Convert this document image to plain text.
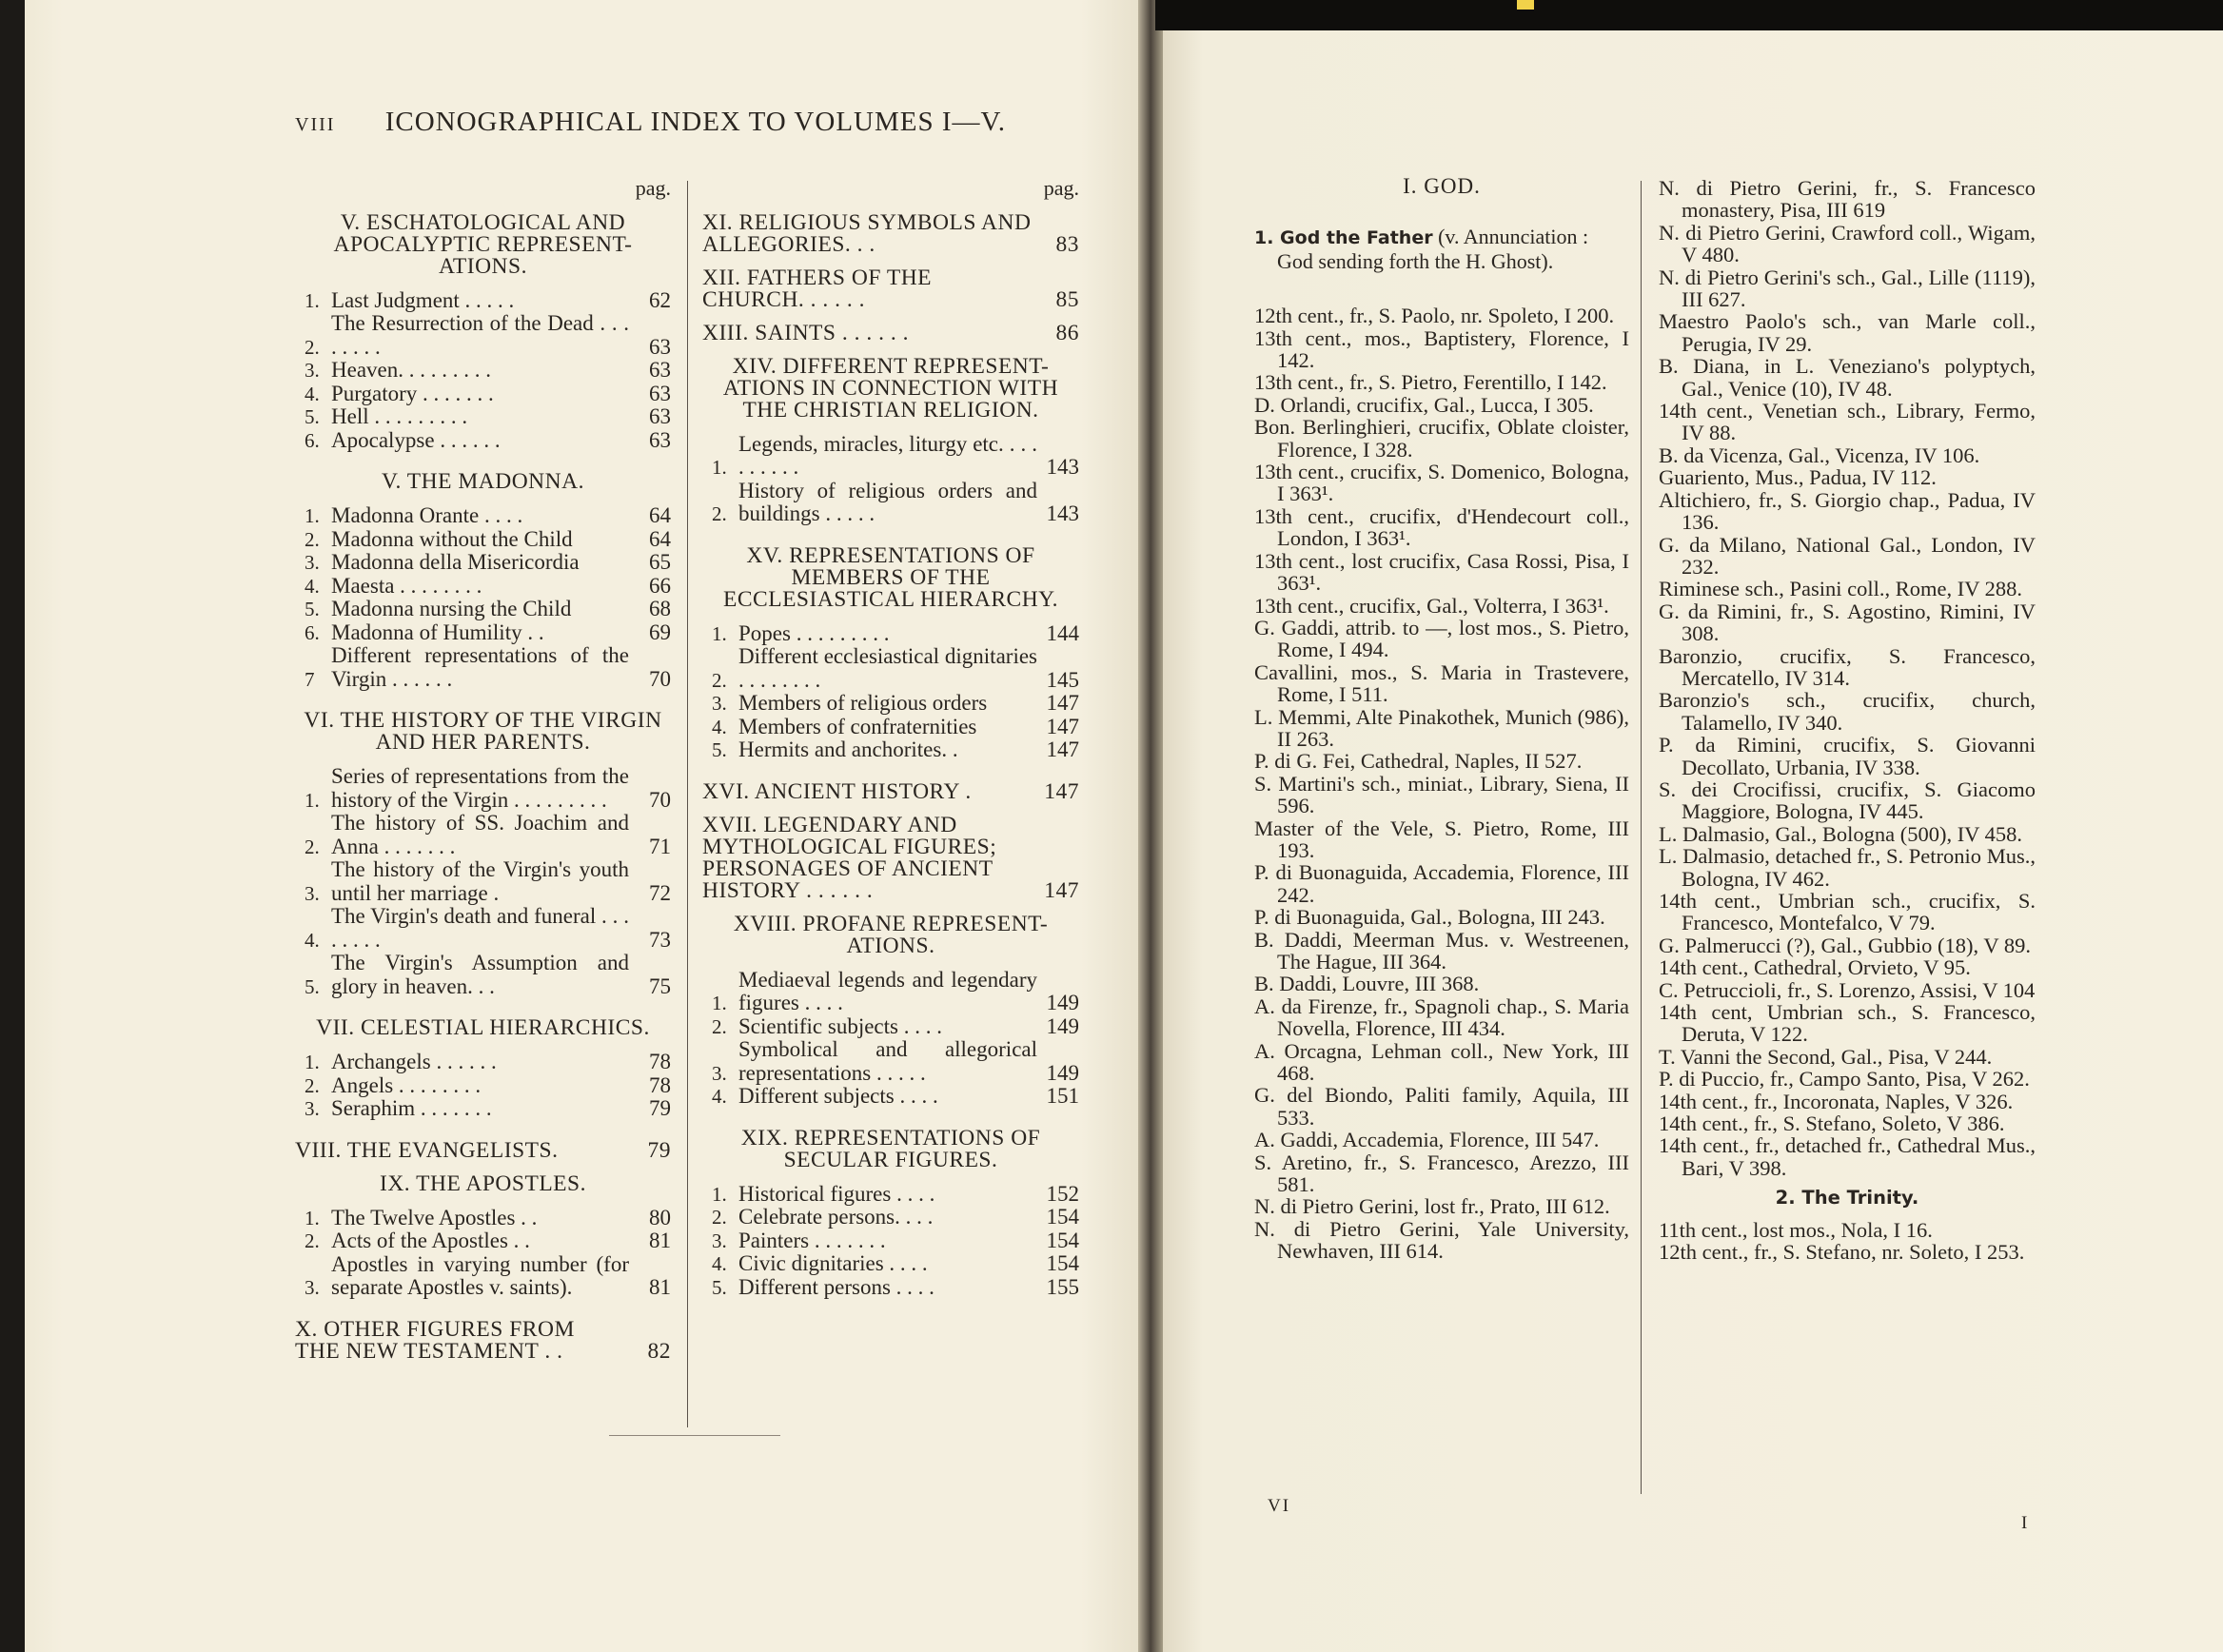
VIII ICONOGRAPHICAL INDEX TO VOLUMES I—V.
pag.
V. ESCHATOLOGICAL AND APOCALYPTIC REPRESENT-ATIONS.
1. Last Judgment . . . . .	62
2.
The Resurrection of the Dead . . . . . . . .	63
3. Heaven. . . . . . . . .	63
4. Purgatory . . . . . . .	63
5. Hell . . . . . . . . .	63
6. Apocalypse . . . . . .	63
V. THE MADONNA.
1. Madonna Orante . . . .	64
2. Madonna without the Child	64
3. Madonna della Misericordia	65
4. Maesta . . . . . . . .	66
5. Madonna nursing the Child	68
6. Madonna of Humility . .	69
7
Different representations of the Virgin . . . . . .	70
VI. THE HISTORY OF THE VIRGIN AND HER PARENTS.
1.
Series of representations from the history of the Virgin . . . . . . . . .	70
2.
The history of SS. Joachim and Anna . . . . . . .	71
3.
The history of the Virgin's youth until her marriage .	72
4.
The Virgin's death and funeral . . . . . . . .	73
5.
The Virgin's Assumption and glory in heaven. . .	75
VII. CELESTIAL HIERARCHICS.
1. Archangels . . . . . .	78
2. Angels . . . . . . . .	78
3. Seraphim . . . . . . .	79
VIII. THE EVANGELISTS.	79
IX. THE APOSTLES.
1. The Twelve Apostles . .	80
2. Acts of the Apostles . .	81
3.
Apostles in varying number (for separate Apostles v. saints).	81
X. OTHER FIGURES FROM THE NEW TESTAMENT . .	82
pag.
XI. RELIGIOUS SYMBOLS AND ALLEGORIES. . .	83
XII. FATHERS OF THE CHURCH. . . . . .	85
XIII. SAINTS . . . . . .	86
XIV. DIFFERENT REPRESENT-ATIONS IN CONNECTION WITH THE CHRISTIAN RELIGION.
1.
Legends, miracles, liturgy etc. . . . . . . . . .	143
2.
History of religious orders and buildings . . . . .	143
XV. REPRESENTATIONS OF MEMBERS OF THE ECCLESIASTICAL HIERARCHY.
1. Popes . . . . . . . . .	144
2.
Different ecclesiastical dignitaries . . . . . . . .	145
3. Members of religious orders	147
4. Members of confraternities	147
5. Hermits and anchorites. .	147
XVI. ANCIENT HISTORY .	147
XVII. LEGENDARY AND MYTHOLOGICAL FIGURES; PERSONAGES OF ANCIENT HISTORY . . . . . .	147
XVIII. PROFANE REPRESENT-ATIONS.
1.
Mediaeval legends and legendary figures . . . .	149
2. Scientific subjects . . . .	149
3.
Symbolical and allegorical representations . . . . .	149
4. Different subjects . . . .	151
XIX. REPRESENTATIONS OF SECULAR FIGURES.
1. Historical figures . . . .	152
2. Celebrate persons. . . .	154
3. Painters . . . . . . .	154
4. Civic dignitaries . . . .	154
5. Different persons . . . .	155
I. GOD.
1. God the Father (v. Annunciation : God sending forth the H. Ghost).

12th cent., fr., S. Paolo, nr. Spoleto, I 200.

13th cent., mos., Baptistery, Florence, I 142.

13th cent., fr., S. Pietro, Ferentillo, I 142.

D. Orlandi, crucifix, Gal., Lucca, I 305.

Bon. Berlinghieri, crucifix, Oblate cloister, Florence, I 328.

13th cent., crucifix, S. Domenico, Bologna, I 363¹.

13th cent., crucifix, d'Hendecourt coll., London, I 363¹.

13th cent., lost crucifix, Casa Rossi, Pisa, I 363¹.

13th cent., crucifix, Gal., Volterra, I 363¹.

G. Gaddi, attrib. to —, lost mos., S. Pietro, Rome, I 494.

Cavallini, mos., S. Maria in Trastevere, Rome, I 511.

L. Memmi, Alte Pinakothek, Munich (986), II 263.

P. di G. Fei, Cathedral, Naples, II 527.

S. Martini's sch., miniat., Library, Siena, II 596.

Master of the Vele, S. Pietro, Rome, III 193.

P. di Buonaguida, Accademia, Florence, III 242.

P. di Buonaguida, Gal., Bologna, III 243.

B. Daddi, Meerman Mus. v. Westreenen, The Hague, III 364.

B. Daddi, Louvre, III 368.

A. da Firenze, fr., Spagnoli chap., S. Maria Novella, Florence, III 434.

A. Orcagna, Lehman coll., New York, III 468.

G. del Biondo, Paliti family, Aquila, III 533.

A. Gaddi, Accademia, Florence, III 547.

S. Aretino, fr., S. Francesco, Arezzo, III 581.

N. di Pietro Gerini, lost fr., Prato, III 612.

N. di Pietro Gerini, Yale University, Newhaven, III 614.

N. di Pietro Gerini, fr., S. Francesco monastery, Pisa, III 619

N. di Pietro Gerini, Crawford coll., Wigam, V 480.

N. di Pietro Gerini's sch., Gal., Lille (1119), III 627.

Maestro Paolo's sch., van Marle coll., Perugia, IV 29.

B. Diana, in L. Veneziano's polyptych, Gal., Venice (10), IV 48.

14th cent., Venetian sch., Library, Fermo, IV 88.

B. da Vicenza, Gal., Vicenza, IV 106.

Guariento, Mus., Padua, IV 112.

Altichiero, fr., S. Giorgio chap., Padua, IV 136.

G. da Milano, National Gal., London, IV 232.

Riminese sch., Pasini coll., Rome, IV 288.

G. da Rimini, fr., S. Agostino, Rimini, IV 308.

Baronzio, crucifix, S. Francesco, Mercatello, IV 314.

Baronzio's sch., crucifix, church, Talamello, IV 340.

P. da Rimini, crucifix, S. Giovanni Decollato, Urbania, IV 338.

S. dei Crocifissi, crucifix, S. Giacomo Maggiore, Bologna, IV 445.

L. Dalmasio, Gal., Bologna (500), IV 458.

L. Dalmasio, detached fr., S. Petronio Mus., Bologna, IV 462.

14th cent., Umbrian sch., crucifix, S. Francesco, Montefalco, V 79.

G. Palmerucci (?), Gal., Gubbio (18), V 89.

14th cent., Cathedral, Orvieto, V 95.

C. Petruccioli, fr., S. Lorenzo, Assisi, V 104

14th cent, Umbrian sch., S. Francesco, Deruta, V 122.

T. Vanni the Second, Gal., Pisa, V 244.

P. di Puccio, fr., Campo Santo, Pisa, V 262.

14th cent., fr., Incoronata, Naples, V 326.

14th cent., fr., S. Stefano, Soleto, V 386.

14th cent., fr., detached fr., Cathedral Mus., Bari, V 398.

2. The Trinity.

11th cent., lost mos., Nola, I 16.

12th cent., fr., S. Stefano, nr. Soleto, I 253.

VI
I
